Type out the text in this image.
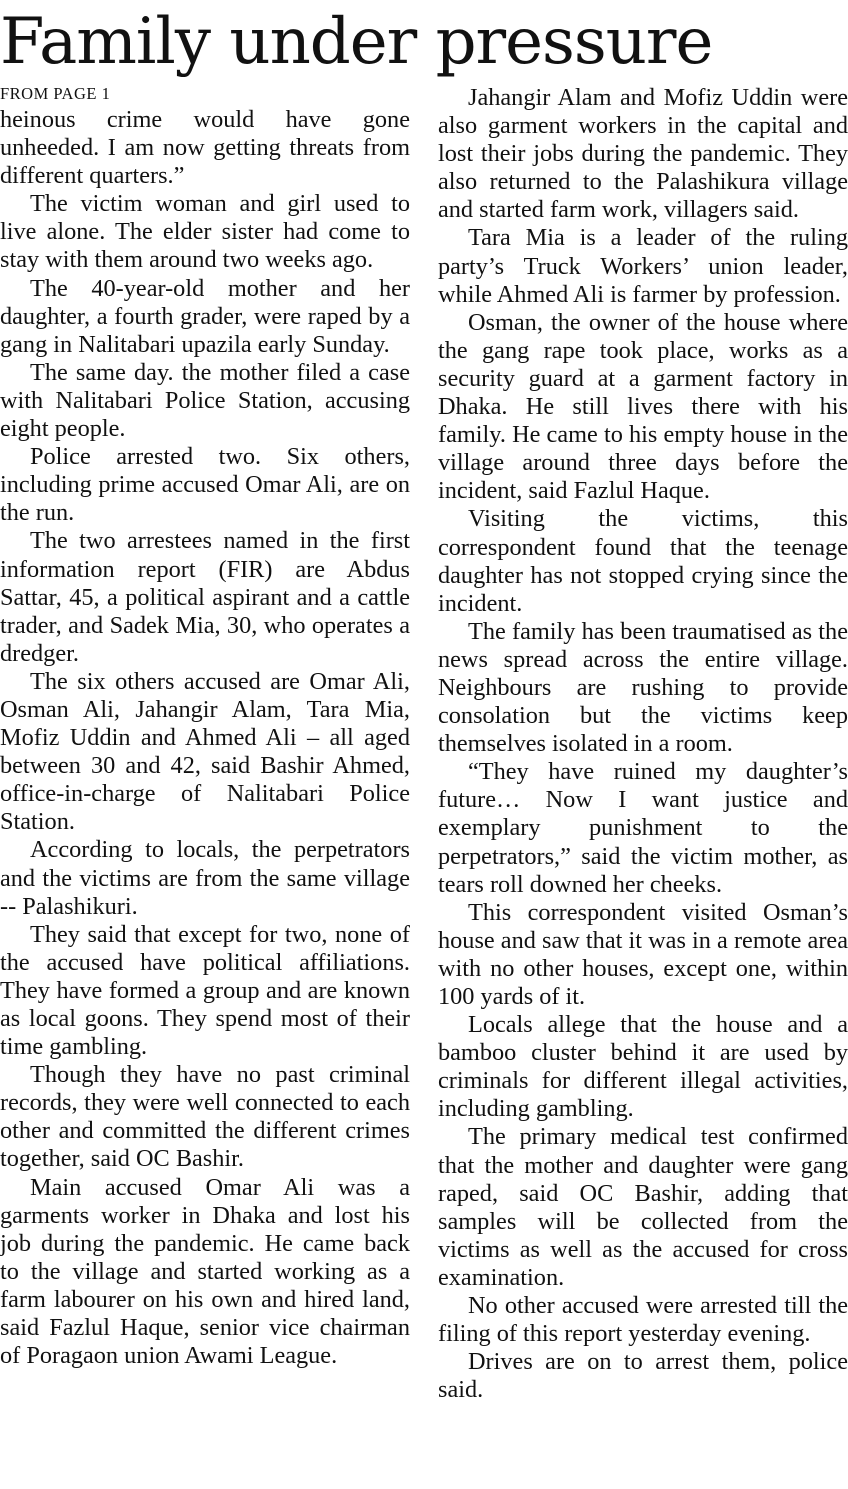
Family under pressure
FROM PAGE 1

heinous crime would have gone unheeded. I am now getting threats from different quarters.”

The victim woman and girl used to live alone. The elder sister had come to stay with them around two weeks ago.

The 40-year-old mother and her daughter, a fourth grader, were raped by a gang in Nalitabari upazila early Sunday.

The same day. the mother filed a case with Nalitabari Police Station, accusing eight people.

Police arrested two. Six others, including prime accused Omar Ali, are on the run.

The two arrestees named in the first information report (FIR) are Abdus Sattar, 45, a political aspirant and a cattle trader, and Sadek Mia, 30, who operates a dredger.

The six others accused are Omar Ali, Osman Ali, Jahangir Alam, Tara Mia, Mofiz Uddin and Ahmed Ali – all aged between 30 and 42, said Bashir Ahmed, office-in-charge of Nalitabari Police Station.

According to locals, the perpetrators and the victims are from the same village -- Palashikuri.

They said that except for two, none of the accused have political affiliations. They have formed a group and are known as local goons. They spend most of their time gambling.

Though they have no past criminal records, they were well connected to each other and committed the different crimes together, said OC Bashir.

Main accused Omar Ali was a garments worker in Dhaka and lost his job during the pandemic. He came back to the village and started working as a farm labourer on his own and hired land, said Fazlul Haque, senior vice chairman of Poragaon union Awami League.

Jahangir Alam and Mofiz Uddin were also garment workers in the capital and lost their jobs during the pandemic. They also returned to the Palashikura village and started farm work, villagers said.

Tara Mia is a leader of the ruling party’s Truck Workers’ union leader, while Ahmed Ali is farmer by profession.

Osman, the owner of the house where the gang rape took place, works as a security guard at a garment factory in Dhaka. He still lives there with his family. He came to his empty house in the village around three days before the incident, said Fazlul Haque.

Visiting the victims, this correspondent found that the teenage daughter has not stopped crying since the incident.

The family has been traumatised as the news spread across the entire village. Neighbours are rushing to provide consolation but the victims keep themselves isolated in a room.

“They have ruined my daughter’s future… Now I want justice and exemplary punishment to the perpetrators,” said the victim mother, as tears roll downed her cheeks.

This correspondent visited Osman’s house and saw that it was in a remote area with no other houses, except one, within 100 yards of it.

Locals allege that the house and a bamboo cluster behind it are used by criminals for different illegal activities, including gambling.

The primary medical test confirmed that the mother and daughter were gang raped, said OC Bashir, adding that samples will be collected from the victims as well as the accused for cross examination.

No other accused were arrested till the filing of this report yesterday evening.

Drives are on to arrest them, police said.
